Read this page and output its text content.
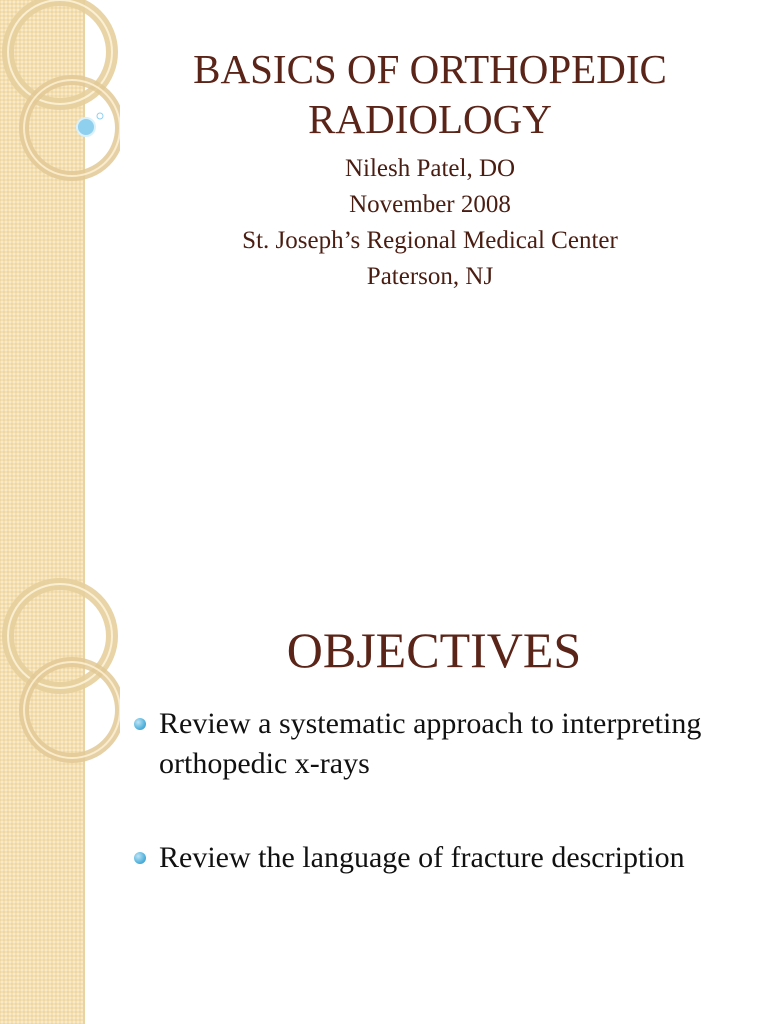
BASICS OF ORTHOPEDIC RADIOLOGY
Nilesh Patel, DO
November 2008
St. Joseph’s Regional Medical Center
Paterson, NJ
OBJECTIVES
Review a systematic approach to interpreting orthopedic x-rays
Review the language of fracture description
